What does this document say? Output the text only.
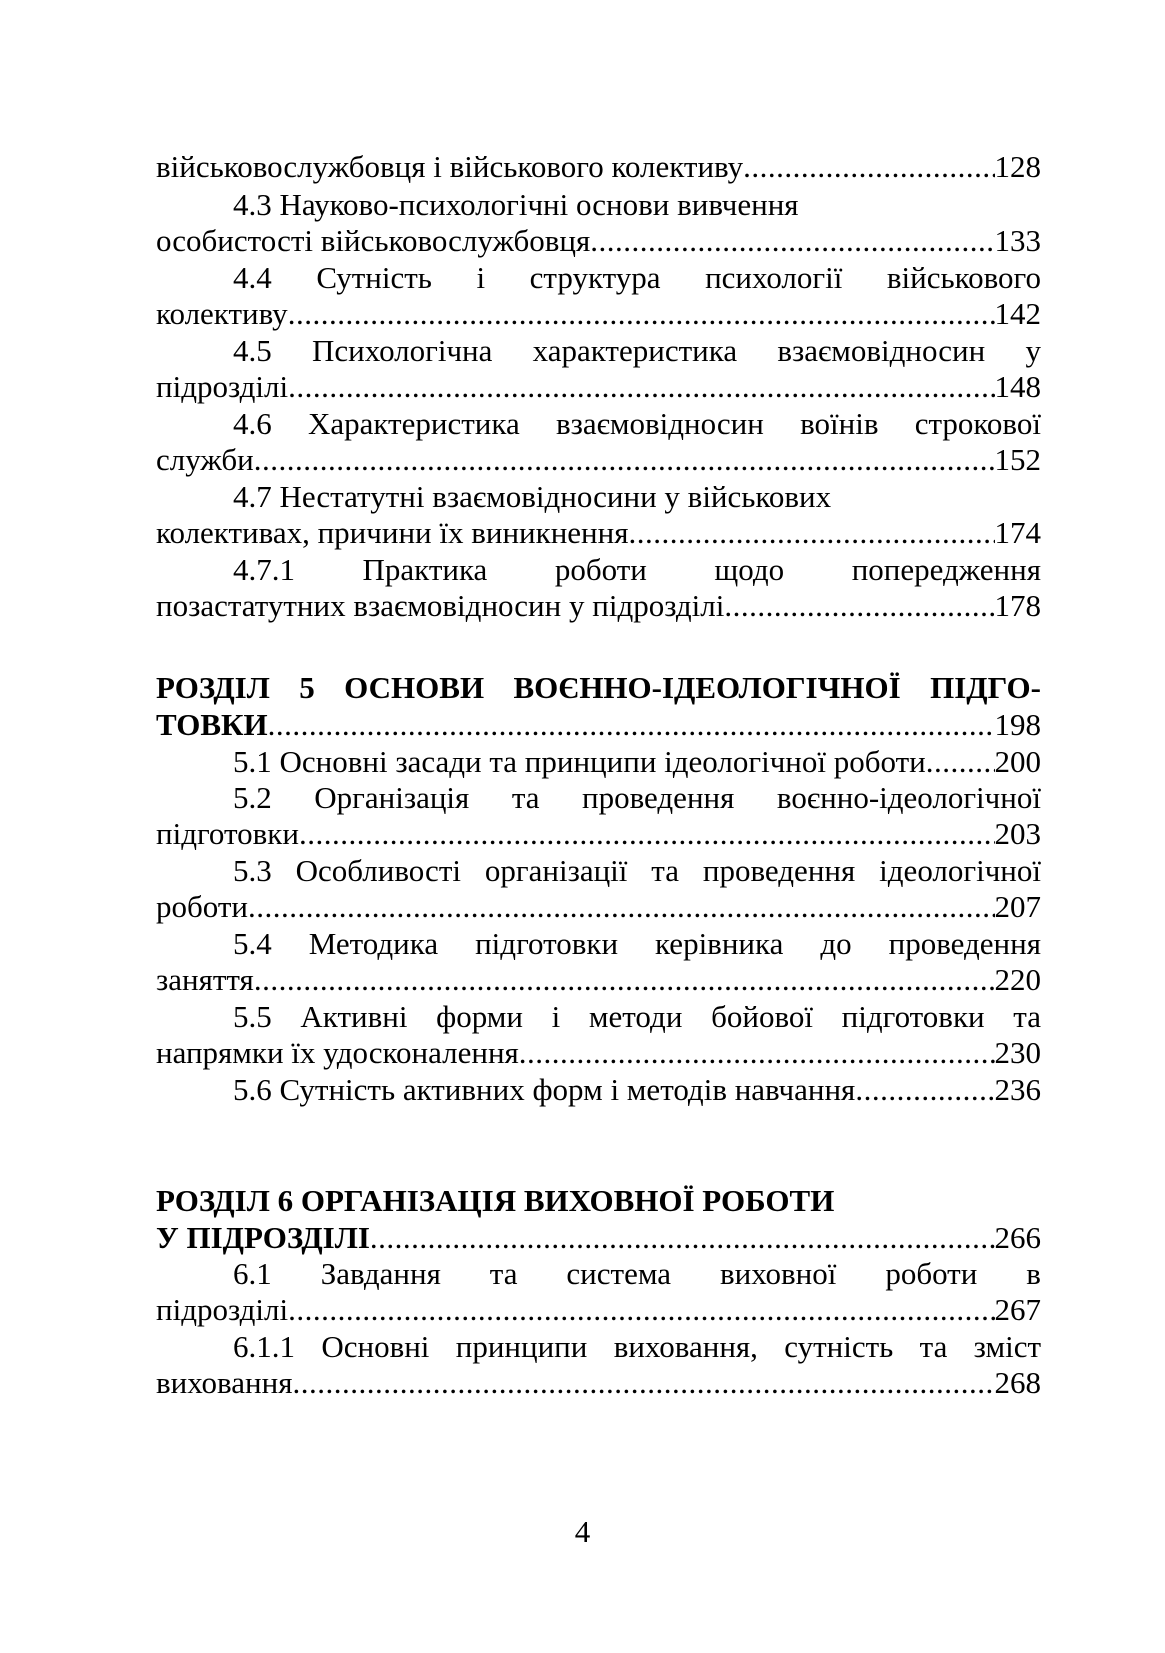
військовослужбовця і військового колективу .....	128
4.3 Науково-психологічні основи вивчення
особистості військовослужбовця .....	133
4.4 Сутність і структура психології військового
колективу .....	142
4.5 Психологічна характеристика взаємовідносин у
підрозділі .....	148
4.6 Характеристика взаємовідносин воїнів строкової
служби .....	152
4.7 Нестатутні взаємовідносини у військових
колективах, причини їх виникнення .....	174
4.7.1 Практика роботи щодо попередження
позастатутних взаємовідносин у підрозділі .....	178
РОЗДІЛ 5 ОСНОВИ ВОЄННО-ІДЕОЛОГІЧНОЇ ПІДГО-
ТОВКИ .....	198
5.1 Основні засади та принципи ідеологічної роботи ..... 200
5.2 Організація та проведення воєнно-ідеологічної
підготовки .....	203
5.3 Особливості організації та проведення ідеологічної
роботи .....	207
5.4 Методика підготовки керівника до проведення
заняття .....	220
5.5 Активні форми і методи бойової підготовки та
напрямки їх удосконалення .....	230
5.6 Сутність активних форм і методів навчання .....	236
РОЗДІЛ 6 ОРГАНІЗАЦІЯ ВИХОВНОЇ РОБОТИ
У ПІДРОЗДІЛІ .....	266
6.1 Завдання та система виховної роботи в
підрозділі .....	267
6.1.1 Основні принципи виховання, сутність та зміст
виховання .....	268
4
